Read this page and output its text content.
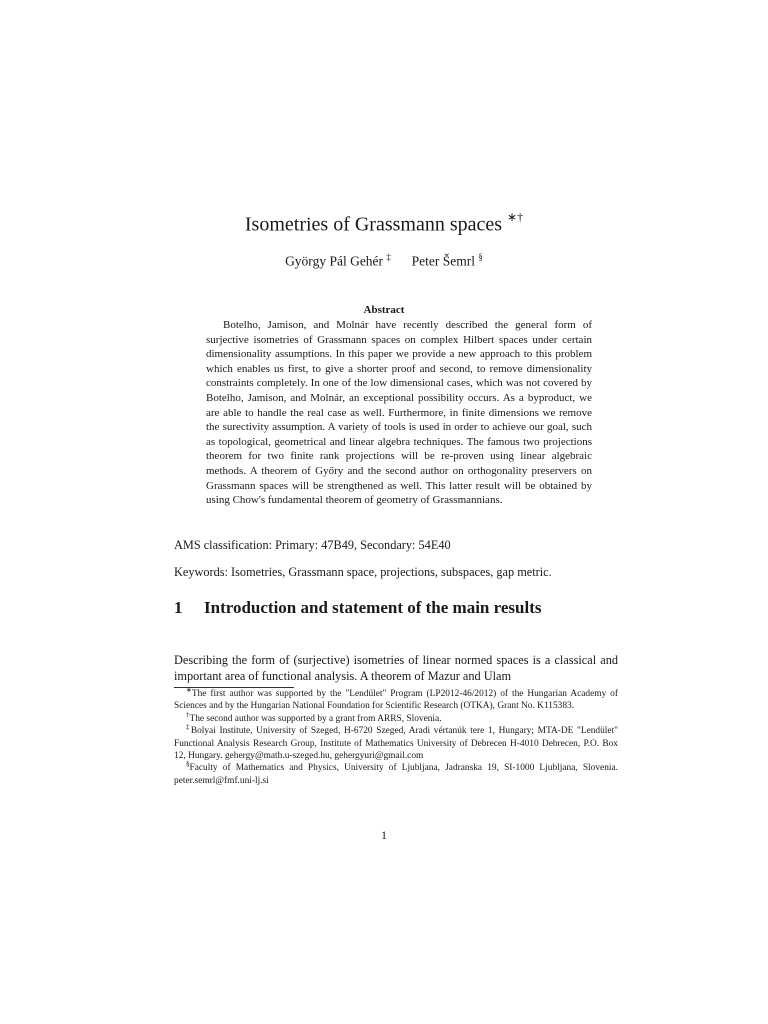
Isometries of Grassmann spaces ∗†
György Pál Gehér ‡ Peter Šemrl §
Abstract
Botelho, Jamison, and Molnár have recently described the general form of surjective isometries of Grassmann spaces on complex Hilbert spaces under certain dimensionality assumptions. In this paper we provide a new approach to this problem which enables us first, to give a shorter proof and second, to remove dimensionality constraints completely. In one of the low dimensional cases, which was not covered by Botelho, Jamison, and Molnár, an exceptional possibility occurs. As a byproduct, we are able to handle the real case as well. Furthermore, in finite dimensions we remove the surectivity assumption. A variety of tools is used in order to achieve our goal, such as topological, geometrical and linear algebra techniques. The famous two projections theorem for two finite rank projections will be re-proven using linear algebraic methods. A theorem of Győry and the second author on orthogonality preservers on Grassmann spaces will be strengthened as well. This latter result will be obtained by using Chow's fundamental theorem of geometry of Grassmannians.
AMS classification: Primary: 47B49, Secondary: 54E40
Keywords: Isometries, Grassmann space, projections, subspaces, gap metric.
1	Introduction and statement of the main results
Describing the form of (surjective) isometries of linear normed spaces is a classical and important area of functional analysis. A theorem of Mazur and Ulam

∗The first author was supported by the "Lendület" Program (LP2012-46/2012) of the Hungarian Academy of Sciences and by the Hungarian National Foundation for Scientific Research (OTKA), Grant No. K115383.

†The second author was supported by a grant from ARRS, Slovenia.

‡Bolyai Institute, University of Szeged, H-6720 Szeged, Aradi vértanúk tere 1, Hungary; MTA-DE "Lendület" Functional Analysis Research Group, Institute of Mathematics University of Debrecen H-4010 Debrecen, P.O. Box 12, Hungary. gehergy@math.u-szeged.hu, gehergyuri@gmail.com

§Faculty of Mathematics and Physics, University of Ljubljana, Jadranska 19, SI-1000 Ljubljana, Slovenia. peter.semrl@fmf.uni-lj.si

1
